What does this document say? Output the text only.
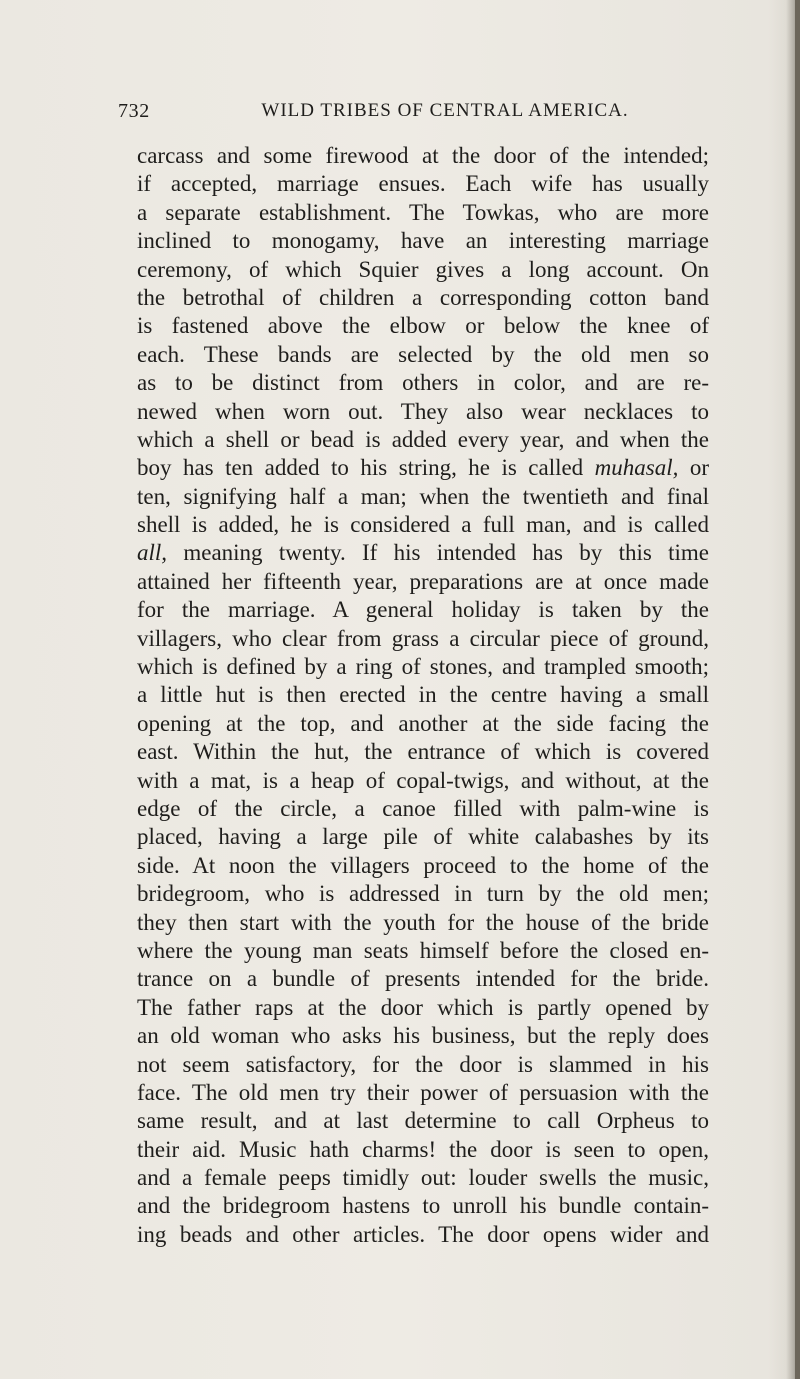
732	WILD TRIBES OF CENTRAL AMERICA.
carcass and some firewood at the door of the intended;
if accepted, marriage ensues. Each wife has usually
a separate establishment. The Towkas, who are more
inclined to monogamy, have an interesting marriage
ceremony, of which Squier gives a long account. On
the betrothal of children a corresponding cotton band
is fastened above the elbow or below the knee of
each. These bands are selected by the old men so
as to be distinct from others in color, and are re-
newed when worn out. They also wear necklaces to
which a shell or bead is added every year, and when the
boy has ten added to his string, he is called muhasal, or
ten, signifying half a man; when the twentieth and final
shell is added, he is considered a full man, and is called
all, meaning twenty. If his intended has by this time
attained her fifteenth year, preparations are at once made
for the marriage. A general holiday is taken by the
villagers, who clear from grass a circular piece of ground,
which is defined by a ring of stones, and trampled smooth;
a little hut is then erected in the centre having a small
opening at the top, and another at the side facing the
east. Within the hut, the entrance of which is covered
with a mat, is a heap of copal-twigs, and without, at the
edge of the circle, a canoe filled with palm-wine is
placed, having a large pile of white calabashes by its
side. At noon the villagers proceed to the home of the
bridegroom, who is addressed in turn by the old men;
they then start with the youth for the house of the bride
where the young man seats himself before the closed en-
trance on a bundle of presents intended for the bride.
The father raps at the door which is partly opened by
an old woman who asks his business, but the reply does
not seem satisfactory, for the door is slammed in his
face. The old men try their power of persuasion with the
same result, and at last determine to call Orpheus to
their aid. Music hath charms! the door is seen to open,
and a female peeps timidly out: louder swells the music,
and the bridegroom hastens to unroll his bundle contain-
ing beads and other articles. The door opens wider and
